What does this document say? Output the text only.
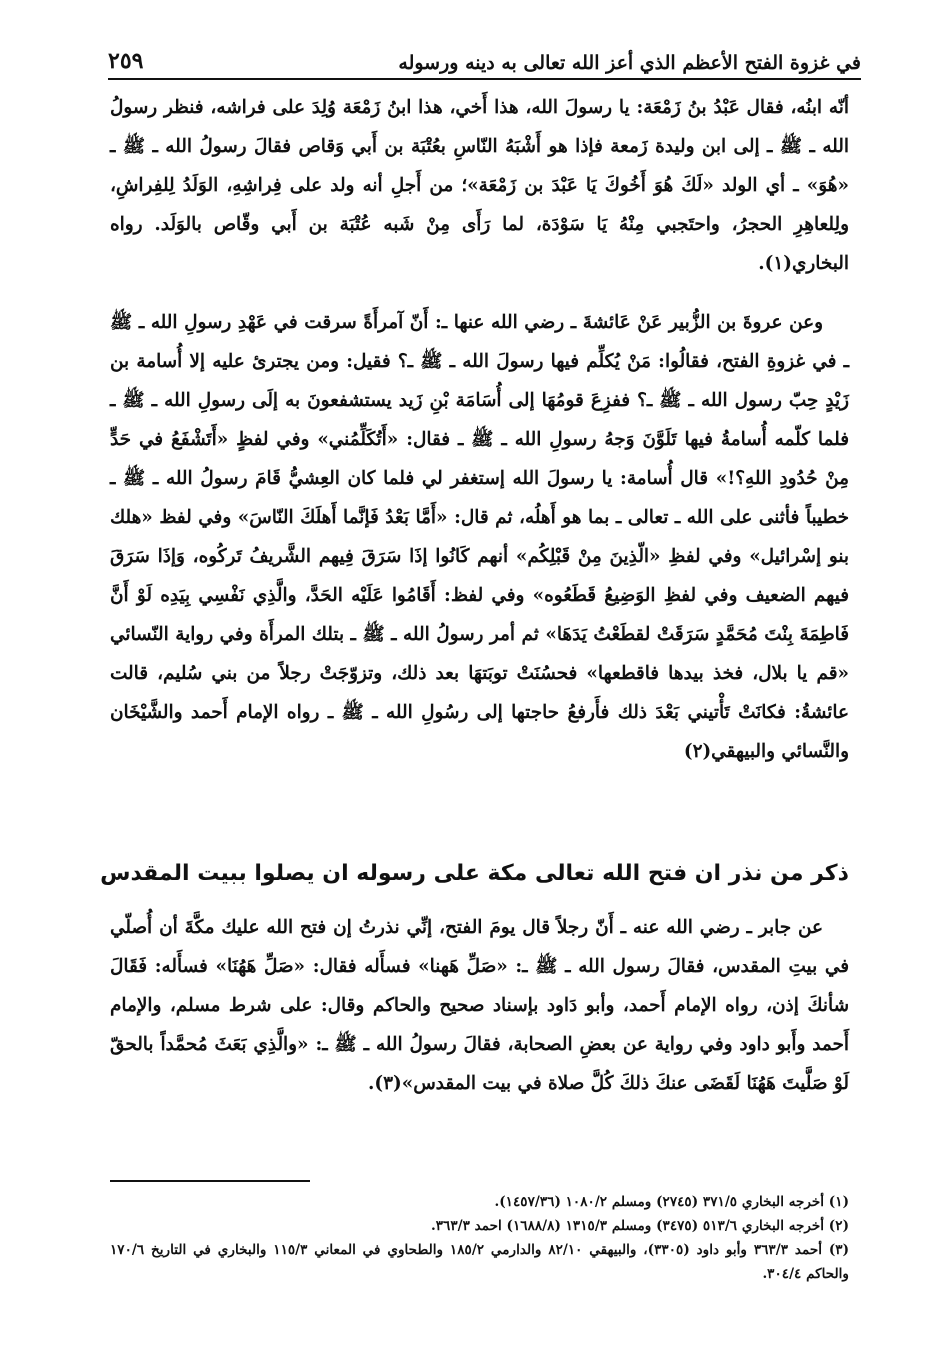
في غزوة الفتح الأعظم الذي أعز الله تعالى به دينه ورسوله
٢٥٩

أنّه ابنُه، فقال عَبْدُ بنُ زَمْعَة: يا رسولَ الله، هذا أَخي، هذا ابنُ زَمْعَة وُلِدَ على فراشه، فنظر رسولُ الله ـ ﷺ ـ إلى ابن وليدة زَمعة فإذا هو أَشْبَهُ النّاسِ بعُتْبَة بن أَبي وَقاص فقالَ رسولُ الله ـ ﷺ ـ «هُوَ» ـ أي الولد «لَكَ هُوَ أَخُوكَ يَا عَبْدَ بن زَمْعَة»؛ من أَجلِ أنه ولد على فِراشِهِ، الوَلَدُ لِلفِراشِ، ولِلعاهِرِ الحجرُ، واحتَجبي مِنْهُ يَا سَوْدَة، لما رَأَى مِنْ شَبه عُتْبَة بن أَبي وقّاص بالوَلَد. رواه البخاري(١).

وعن عروةَ بن الزُّبير عَنْ عَائشةَ ـ رضي الله عنها ـ: أَنّ آمرأَةً سرقت في عَهْدِ رسولِ الله ـ ﷺ ـ في غزوةِ الفتح، فقالُوا: مَنْ يُكلِّم فيها رسولَ الله ـ ﷺ ـ؟ فقيل: ومن يجترئ عليه إلا أُسامة بن زَيْدٍ حِبّ رسول الله ـ ﷺ ـ؟ ففزِعَ قومُهَا إلى أُسَامَة بْنِ زَيد يستشفعونَ به إلَى رسولِ الله ـ ﷺ ـ فلما كلّمه أُسامةُ فيها تَلَوَّنَ وَجهُ رسولِ الله ـ ﷺ ـ فقال: «أَتُكَلِّمُني» وفي لفظٍ «أَتَشْفَعُ في حَدٍّ مِنْ حُدُودِ اللهِ؟!» قال أُسامة: يا رسولَ الله إستغفر لي فلما كان العِشيُّ قَامَ رسولُ الله ـ ﷺ ـ خطيباً فأثنى على الله ـ تعالى ـ بما هو أَهلُه، ثم قال: «أَمَّا بَعْدُ فَإنَّما أَهلَكَ النّاسَ» وفي لفظ «هلك بنو إسْرائيل» وفي لفظِ «الّذِينَ مِنْ قَبْلِكُم» أنهم كَانُوا إذَا سَرَقَ فِيهم الشَّريفُ تَركُوه، وَإذَا سَرَقَ فيهم الضعيف وفي لفظِ الوَضِيعُ قَطَعُوه» وفي لفظ: أَقَامُوا عَلَيْه الحَدَّ، والَّذِي نَفْسِي بِيَدِه لَوْ أَنَّ فَاطِمَةَ بِنْتَ مُحَمَّدٍ سَرَقَتْ لقطَعْتُ يَدَهَا» ثم أمر رسولُ الله ـ ﷺ ـ بتلك المرأَة وفي رواية النّسائي «قم يا بلال، فخذ بيدها فاقطعها» فحسُنَتْ توبَتهَا بعد ذلك، وتزوّجَتْ رجلاً من بني سُليم، قالت عائشةُ: فكانَتْ تَأْتيني بَعْدَ ذلك فأَرفعُ حاجتها إلى رسُولِ الله ـ ﷺ ـ رواه الإمام أَحمد والشَّيْخَان والنَّسائي والبيهقي(٢)

ذكر من نذر ان فتح الله تعالى مكة على رسوله ان يصلوا ببيت المقدس

عن جابر ـ رضي الله عنه ـ أَنّ رجلاً قال يومَ الفتح، إنِّي نذرتُ إن فتح الله عليك مكَّةَ أن أُصلّي في بيتِ المقدس، فقالَ رسول الله ـ ﷺ ـ: «صَلِّ هَهنا» فسأَله فقال: «صَلِّ هَهُنَا» فسأَله: فَقَالَ شأنكَ إذن، رواه الإمام أَحمد، وأبو دَاود بإسناد صحيح والحاكم وقال: على شرط مسلم، والإمام أَحمد وأَبو داود وفي رواية عن بعضِ الصحابة، فقالَ رسولُ الله ـ ﷺ ـ: «والَّذِي بَعَثَ مُحمَّداً بالحقّ لَوْ صَلَّيتَ هَهُنَا لَقَضَى عنكَ ذلكَ كُلَّ صلاة في بيت المقدس»(٣).

(١) أخرجه البخاري ٣٧١/٥ (٢٧٤٥) ومسلم ١٠٨٠/٢ (١٤٥٧/٣٦).
(٢) أخرجه البخاري ٥١٣/٦ (٣٤٧٥) ومسلم ١٣١٥/٣ (١٦٨٨/٨) احمد ٣٦٣/٣.
(٣) أحمد ٣٦٣/٣ وأبو داود (٣٣٠٥)، والبيهقي ٨٢/١٠ والدارمي ١٨٥/٢ والطحاوي في المعاني ١١٥/٣ والبخاري في التاريخ ١٧٠/٦ والحاكم ٣٠٤/٤.
